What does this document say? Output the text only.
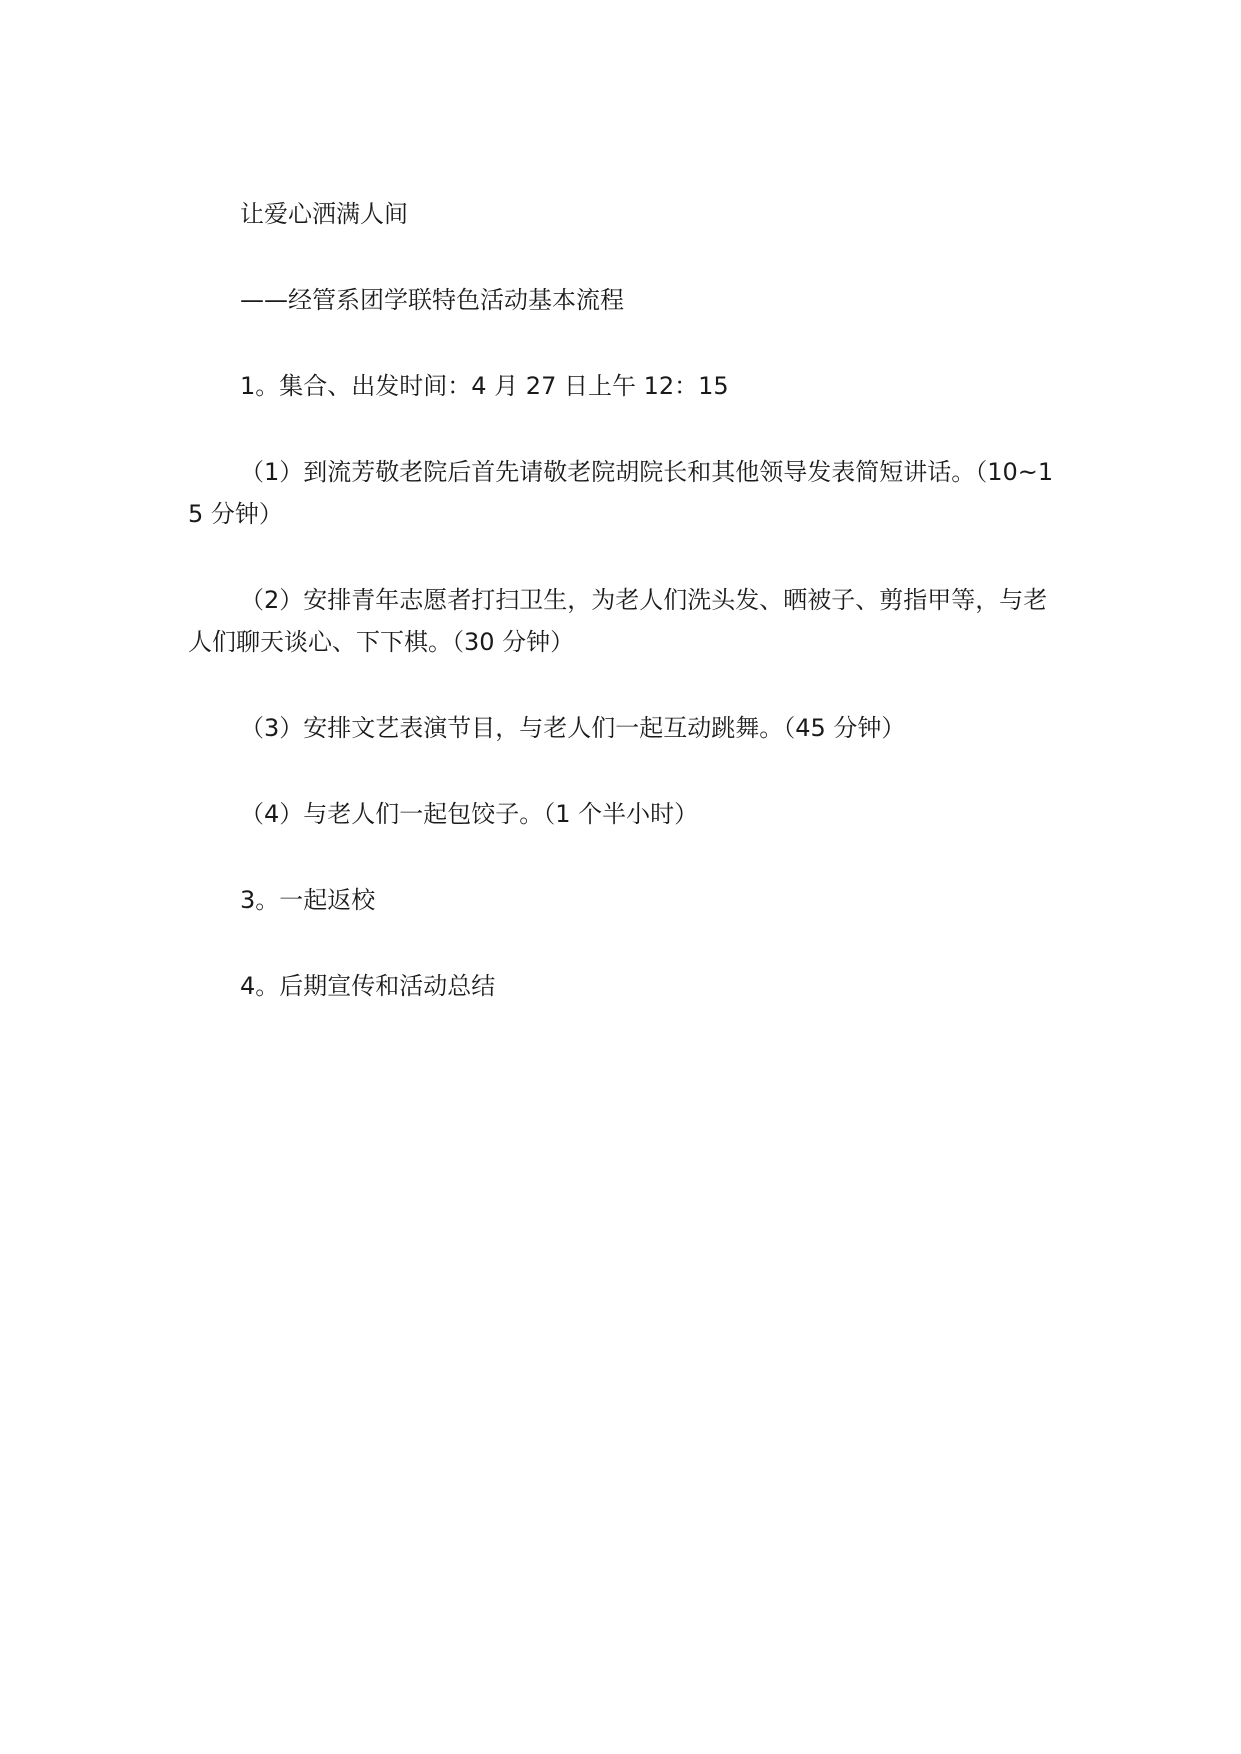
让爱心洒满人间

——经管系团学联特色活动基本流程

1。集合、出发时间：4 月 27 日上午 12：15

（1）到流芳敬老院后首先请敬老院胡院长和其他领导发表简短讲话。（10~15 分钟）

（2）安排青年志愿者打扫卫生，为老人们洗头发、晒被子、剪指甲等，与老人们聊天谈心、下下棋。（30 分钟）

（3）安排文艺表演节目，与老人们一起互动跳舞。（45 分钟）

（4）与老人们一起包饺子。（1 个半小时）

3。一起返校

4。后期宣传和活动总结
